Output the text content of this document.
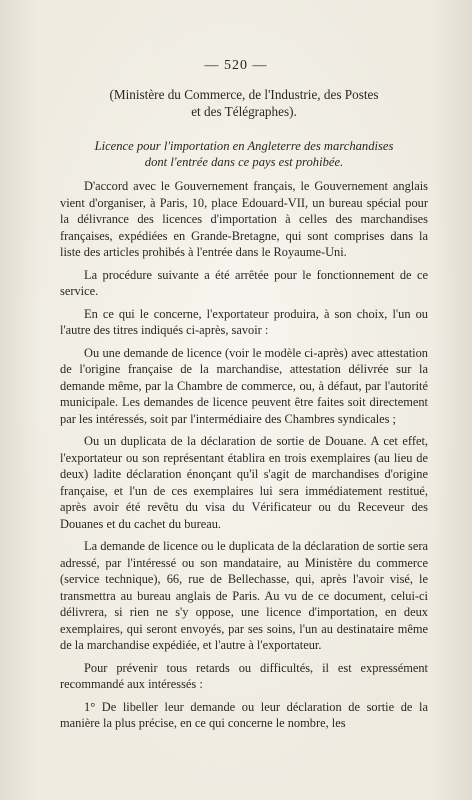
— 520 —
(Ministère du Commerce, de l'Industrie, des Postes
et des Télégraphes).
Licence pour l'importation en Angleterre des marchandises
dont l'entrée dans ce pays est prohibée.

D'accord avec le Gouvernement français, le Gouvernement anglais vient d'organiser, à Paris, 10, place Edouard-VII, un bureau spécial pour la délivrance des licences d'importation à celles des marchandises françaises, expédiées en Grande-Bretagne, qui sont comprises dans la liste des articles prohibés à l'entrée dans le Royaume-Uni.

La procédure suivante a été arrêtée pour le fonctionnement de ce service.

En ce qui le concerne, l'exportateur produira, à son choix, l'un ou l'autre des titres indiqués ci-après, savoir :

Ou une demande de licence (voir le modèle ci-après) avec attestation de l'origine française de la marchandise, attestation délivrée sur la demande même, par la Chambre de commerce, ou, à défaut, par l'autorité municipale. Les demandes de licence peuvent être faites soit directement par les intéressés, soit par l'intermédiaire des Chambres syndicales ;

Ou un duplicata de la déclaration de sortie de Douane. A cet effet, l'exportateur ou son représentant établira en trois exemplaires (au lieu de deux) ladite déclaration énonçant qu'il s'agit de marchandises d'origine française, et l'un de ces exemplaires lui sera immédiatement restitué, après avoir été revêtu du visa du Vérificateur ou du Receveur des Douanes et du cachet du bureau.

La demande de licence ou le duplicata de la déclaration de sortie sera adressé, par l'intéressé ou son mandataire, au Ministère du commerce (service technique), 66, rue de Bellechasse, qui, après l'avoir visé, le transmettra au bureau anglais de Paris. Au vu de ce document, celui-ci délivrera, si rien ne s'y oppose, une licence d'importation, en deux exemplaires, qui seront envoyés, par ses soins, l'un au destinataire même de la marchandise expédiée, et l'autre à l'exportateur.

Pour prévenir tous retards ou difficultés, il est expressément recommandé aux intéressés :

1° De libeller leur demande ou leur déclaration de sortie de la manière la plus précise, en ce qui concerne le nombre, les
